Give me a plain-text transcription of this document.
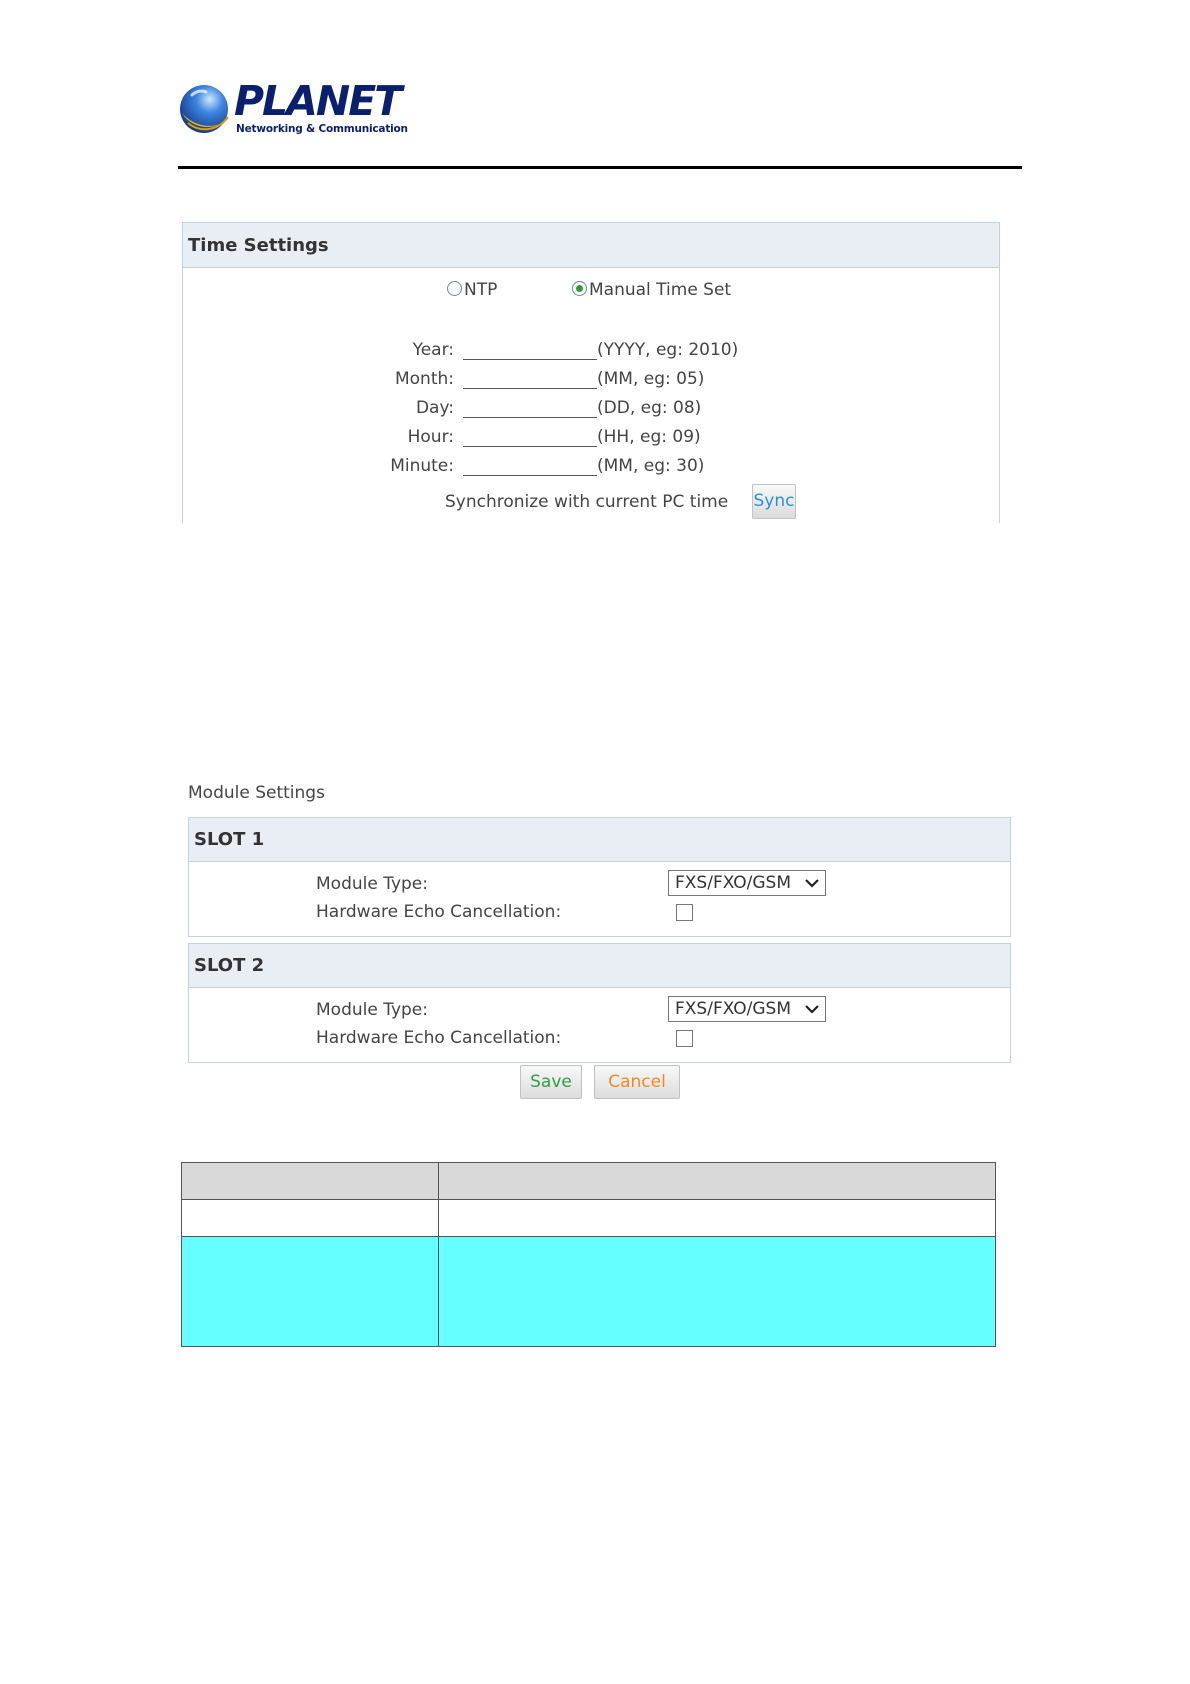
PLANET
Networking & Communication
Time Settings
NTP	Manual Time Set
Year:	(YYYY, eg: 2010)
Month:	(MM, eg: 05)
Day:	(DD, eg: 08)
Hour:	(HH, eg: 09)
Minute:	(MM, eg: 30)
Synchronize with current PC time Sync
Module Settings
SLOT 1
Module Type:	FXS/FXO/GSM
Hardware Echo Cancellation:
SLOT 2
Module Type:	FXS/FXO/GSM
Hardware Echo Cancellation:
Save	Cancel
